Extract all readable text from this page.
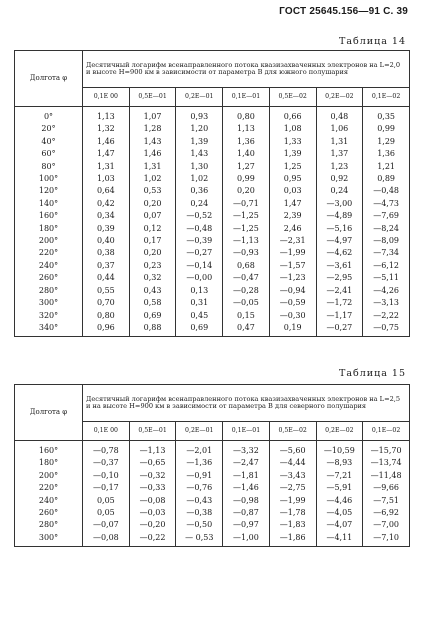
ГОСТ 25645.156—91 С. 39
Таблица 14
Долгота φ	Десятичный логарифм всенаправленного потока квазизахваченных электронов на L=2,0 и высоте H=900 км в зависимости от параметра B для южного полушария						
	0,1E 00	0,5E—01	0,2E—01	0,1E—01	0,5E—02	0,2E—02	0,1E—02
0°	1,13	1,07	0,93	0,80	0,66	0,48	0,35
20°	1,32	1,28	1,20	1,13	1,08	1,06	0,99
40°	1,46	1,43	1,39	1,36	1,33	1,31	1,29
60°	1,47	1,46	1,43	1,40	1,39	1,37	1,36
80°	1,31	1,31	1,30	1,27	1,25	1,23	1,21
100°	1,03	1,02	1,02	0,99	0,95	0,92	0,89
120°	0,64	0,53	0,36	0,20	0,03	0,24	—0,48
140°	0,42	0,20	0,24	—0,71	1,47	—3,00	—4,73
160°	0,34	0,07	—0,52	—1,25	2,39	—4,89	—7,69
180°	0,39	0,12	—0,48	—1,25	2,46	—5,16	—8,24
200°	0,40	0,17	—0,39	—1,13	—2,31	—4,97	—8,09
220°	0,38	0,20	—0,27	—0,93	—1,99	—4,62	—7,34
240°	0,37	0,23	—0,14	0,68	—1,57	—3,61	—6,12
260°	0,44	0,32	—0,00	—0,47	—1,23	—2,95	—5,11
280°	0,55	0,43	0,13	—0,28	—0,94	—2,41	—4,26
300°	0,70	0,58	0,31	—0,05	—0,59	—1,72	—3,13
320°	0,80	0,69	0,45	0,15	—0,30	—1,17	—2,22
340°	0,96	0,88	0,69	0,47	0,19	—0,27	—0,75
Таблица 15
Долгота φ	Десятичный логарифм всенаправленного потока квазизахваченных электронов на L=2,5 и на высоте H=900 км в зависимости от параметра B для северного полушария						
	0,1E 00	0,5E—01	0,2E—01	0,1E—01	0,5E—02	0,2E—02	0,1E—02
160°	—0,78	—1,13	—2,01	—3,32	—5,60	—10,59	—15,70
180°	—0,37	—0,65	—1,36	—2,47	—4,44	—8,93	—13,74
200°	—0,10	—0,32	—0,91	—1,81	—3,43	—7,21	—11,48
220°	—0,17	—0,33	—0,76	—1,46	—2,75	—5,91	—9,66
240°	0,05	—0,08	—0,43	—0,98	—1,99	—4,46	—7,51
260°	0,05	—0,03	—0,38	—0,87	—1,78	—4,05	—6,92
280°	—0,07	—0,20	—0,50	—0,97	—1,83	—4,07	—7,00
300°	—0,08	—0,22	— 0,53	—1,00	—1,86	—4,11	—7,10
